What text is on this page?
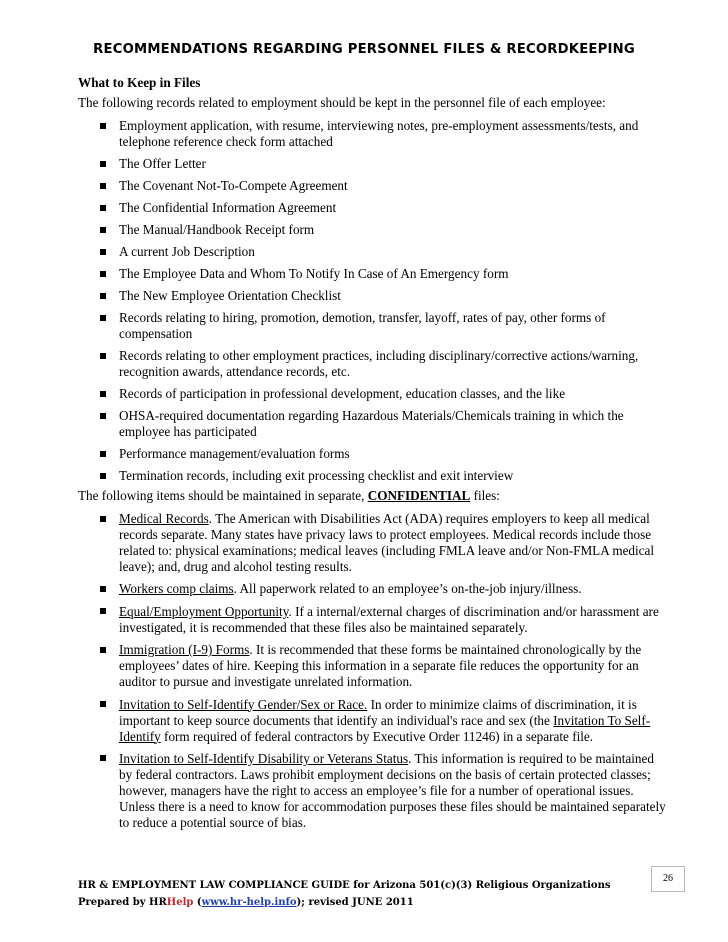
RECOMMENDATIONS REGARDING PERSONNEL FILES & RECORDKEEPING
What to Keep in Files
The following records related to employment should be kept in the personnel file of each employee:
Employment application, with resume, interviewing notes, pre-employment assessments/tests, and telephone reference check form attached
The Offer Letter
The Covenant Not-To-Compete Agreement
The Confidential Information Agreement
The Manual/Handbook Receipt form
A current Job Description
The Employee Data and Whom To Notify In Case of An Emergency form
The New Employee Orientation Checklist
Records relating to hiring, promotion, demotion, transfer, layoff, rates of pay, other forms of compensation
Records relating to other employment practices, including disciplinary/corrective actions/warning, recognition awards, attendance records, etc.
Records of participation in professional development, education classes, and the like
OHSA-required documentation regarding Hazardous Materials/Chemicals training in which the employee has participated
Performance management/evaluation forms
Termination records, including exit processing checklist and exit interview
The following items should be maintained in separate, CONFIDENTIAL files:
Medical Records. The American with Disabilities Act (ADA) requires employers to keep all medical records separate. Many states have privacy laws to protect employees. Medical records include those related to: physical examinations; medical leaves (including FMLA leave and/or Non-FMLA medical leave); and, drug and alcohol testing results.
Workers comp claims. All paperwork related to an employee’s on-the-job injury/illness.
Equal/Employment Opportunity. If a internal/external charges of discrimination and/or harassment are investigated, it is recommended that these files also be maintained separately.
Immigration (I-9) Forms. It is recommended that these forms be maintained chronologically by the employees’ dates of hire. Keeping this information in a separate file reduces the opportunity for an auditor to pursue and investigate unrelated information.
Invitation to Self-Identify Gender/Sex or Race. In order to minimize claims of discrimination, it is important to keep source documents that identify an individual's race and sex (the Invitation To Self-Identify form required of federal contractors by Executive Order 11246) in a separate file.
Invitation to Self-Identify Disability or Veterans Status. This information is required to be maintained by federal contractors. Laws prohibit employment decisions on the basis of certain protected classes; however, managers have the right to access an employee’s file for a number of operational issues. Unless there is a need to know for accommodation purposes these files should be maintained separately to reduce a potential source of bias.
HR & EMPLOYMENT LAW COMPLIANCE GUIDE for Arizona 501(c)(3) Religious Organizations
Prepared by HRHelp (www.hr-help.info); revised JUNE 2011
26
